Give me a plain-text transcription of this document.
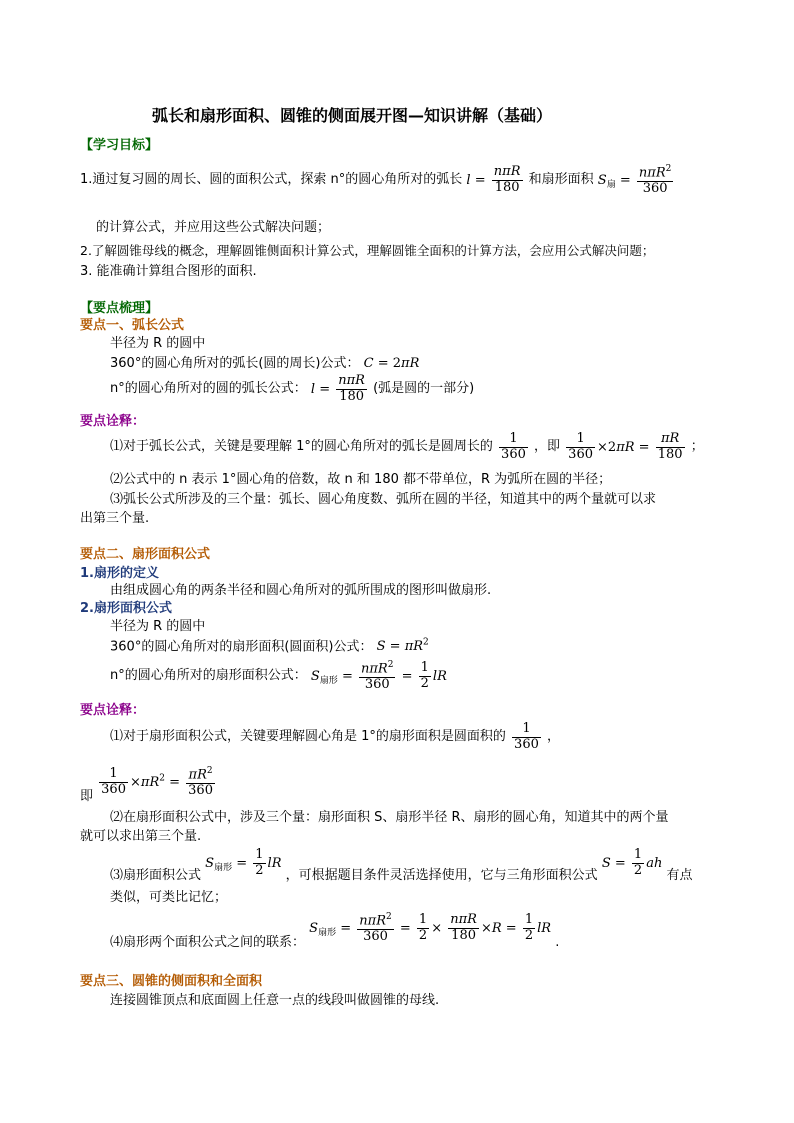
弧长和扇形面积、圆锥的侧面展开图—知识讲解（基础）
【学习目标】
1.通过复习圆的周长、圆的面积公式，探索 n°的圆心角所对的弧长 $l = \frac{\text{nπR}}{180}$ 和扇形面积 $S_扇 = \frac{n\pi R^2}{360}$
的计算公式，并应用这些公式解决问题；
2.了解圆锥母线的概念，理解圆锥侧面积计算公式，理解圆锥全面积的计算方法，会应用公式解决问题；
3. 能准确计算组合图形的面积.
【要点梳理】
要点一、弧长公式
半径为 R 的圆中
360°的圆心角所对的弧长(圆的周长)公式： C = 2πR
n°的圆心角所对的圆的弧长公式： $l = \frac{\text{nπR}}{180}$ (弧是圆的一部分)
要点诠释：
⑴对于弧长公式，关键是要理解 1°的圆心角所对的弧长是圆周长的 $\frac{1}{360}$ ，即 $\frac{1}{360} \times 2\pi R = \frac{\pi R}{180}$ ；
⑵公式中的 n 表示 1°圆心角的倍数，故 n 和 180 都不带单位，R 为弧所在圆的半径；
⑶弧长公式所涉及的三个量：弧长、圆心角度数、弧所在圆的半径，知道其中的两个量就可以求
出第三个量.
要点二、扇形面积公式
1.扇形的定义
由组成圆心角的两条半径和圆心角所对的弧所围成的图形叫做扇形.
2.扇形面积公式
半径为 R 的圆中
360°的圆心角所对的扇形面积(圆面积)公式： $S = \pi R^2$
n°的圆心角所对的扇形面积公式： $S_{扇形} = \frac{n\pi R^2}{360} = \frac{1}{2}$ lR
要点诠释：
⑴对于扇形面积公式，关键要理解圆心角是 1°的扇形面积是圆面积的 $\frac{1}{360}$ ，
即 $\frac{1}{360} \times\pi R^2 = \frac{\pi R^2}{360}$
⑵在扇形面积公式中，涉及三个量：扇形面积 S、扇形半径 R、扇形的圆心角，知道其中的两个量
就可以求出第三个量.
⑶扇形面积公式 $S_{扇形} = \frac{1}{2}$ lR ，可根据题目条件灵活选择使用，它与三角形面积公式 $S = \frac{1}{2}$ ah 有点
类似，可类比记忆；
⑷扇形两个面积公式之间的联系： $S_{扇形} = \frac{n\pi R^2}{360} = \frac{1}{2} \times \frac{\text{nπR}}{180} \times R = \frac{1}{2}$ lR .
要点三、圆锥的侧面积和全面积
连接圆锥顶点和底面圆上任意一点的线段叫做圆锥的母线.
